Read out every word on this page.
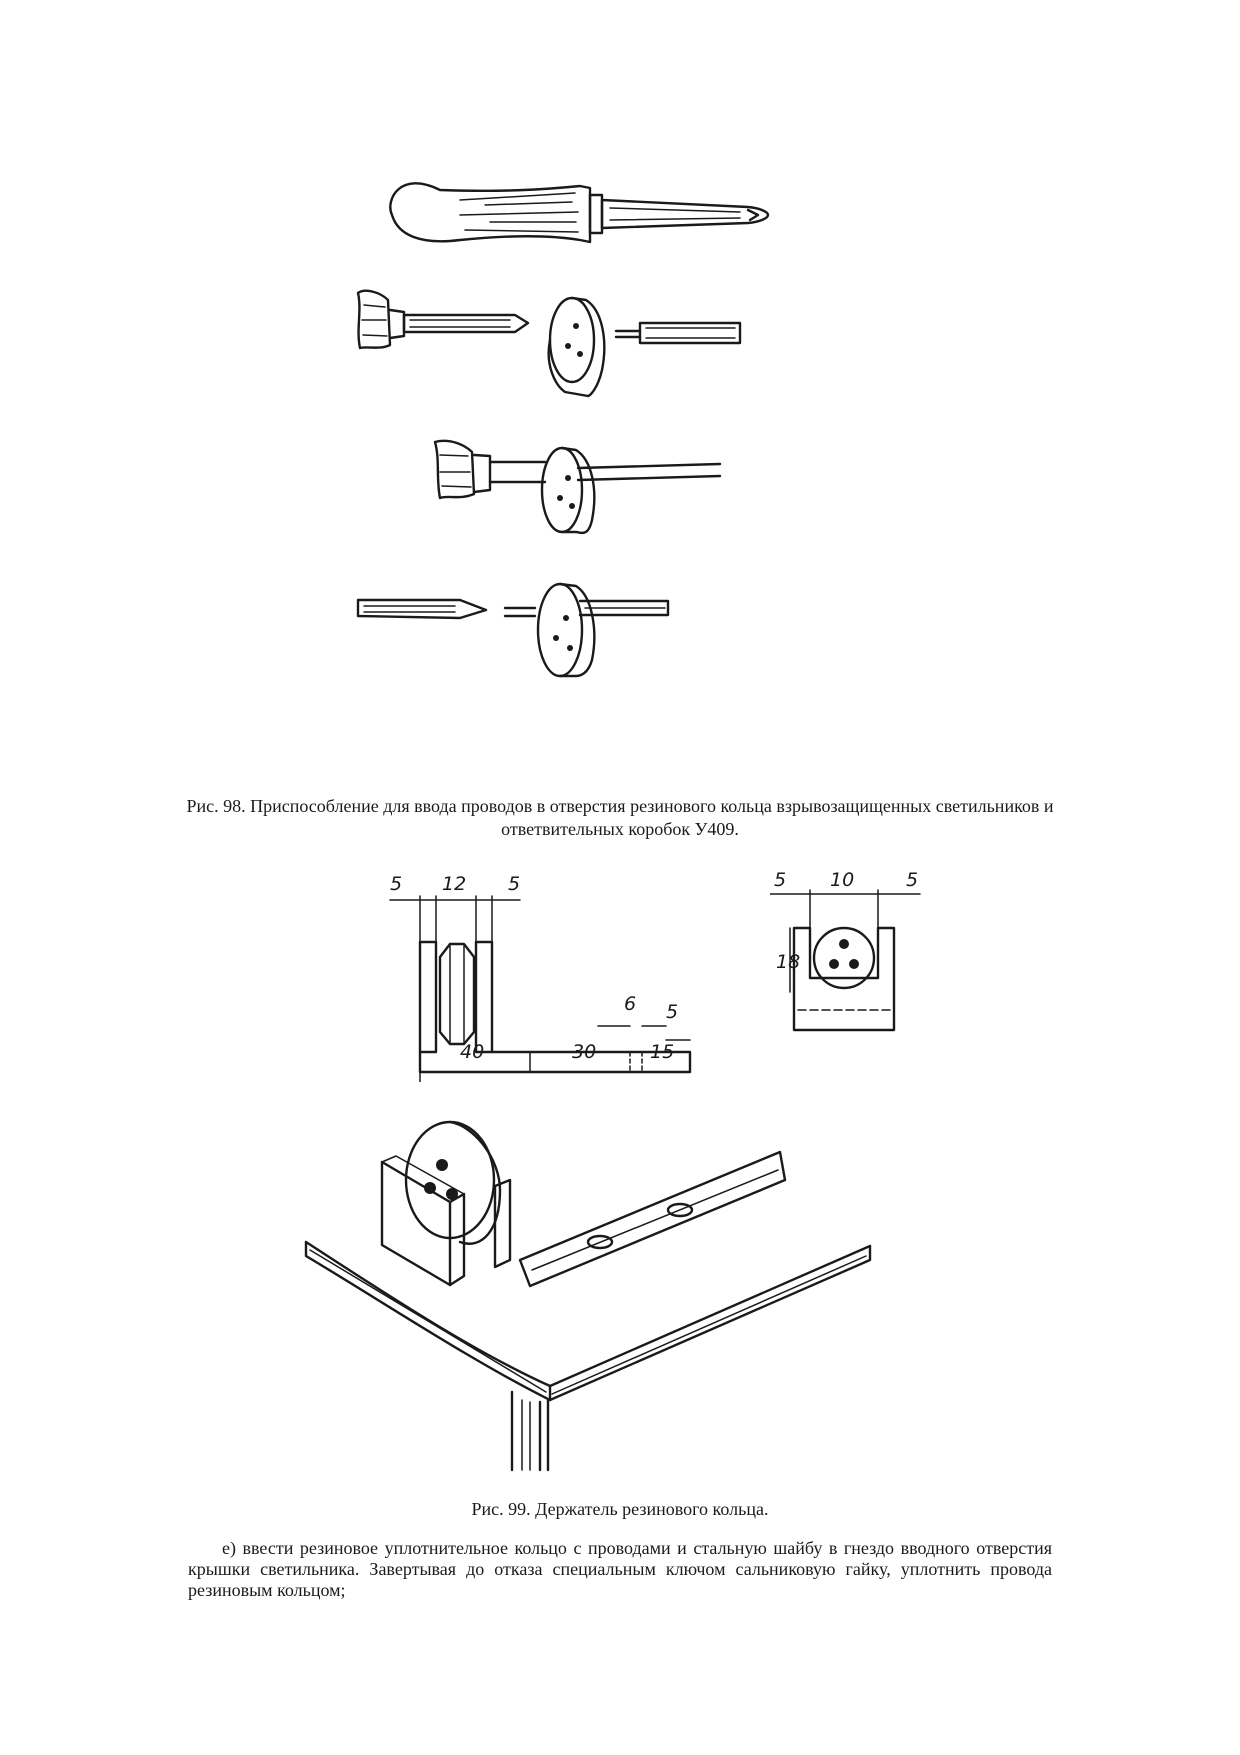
Рис. 98. Приспособление для ввода проводов в отверстия резинового кольца взрывозащищенных светильников и ответвительных коробок У409.
5 12 5
6 5
40	30	15
5 10	5
18
Рис. 99. Держатель резинового кольца.
е) ввести резиновое уплотнительное кольцо с проводами и стальную шайбу в гнездо вводного отверстия крышки светильника. Завертывая до отказа специальным ключом сальниковую гайку, уплотнить провода резиновым кольцом;
